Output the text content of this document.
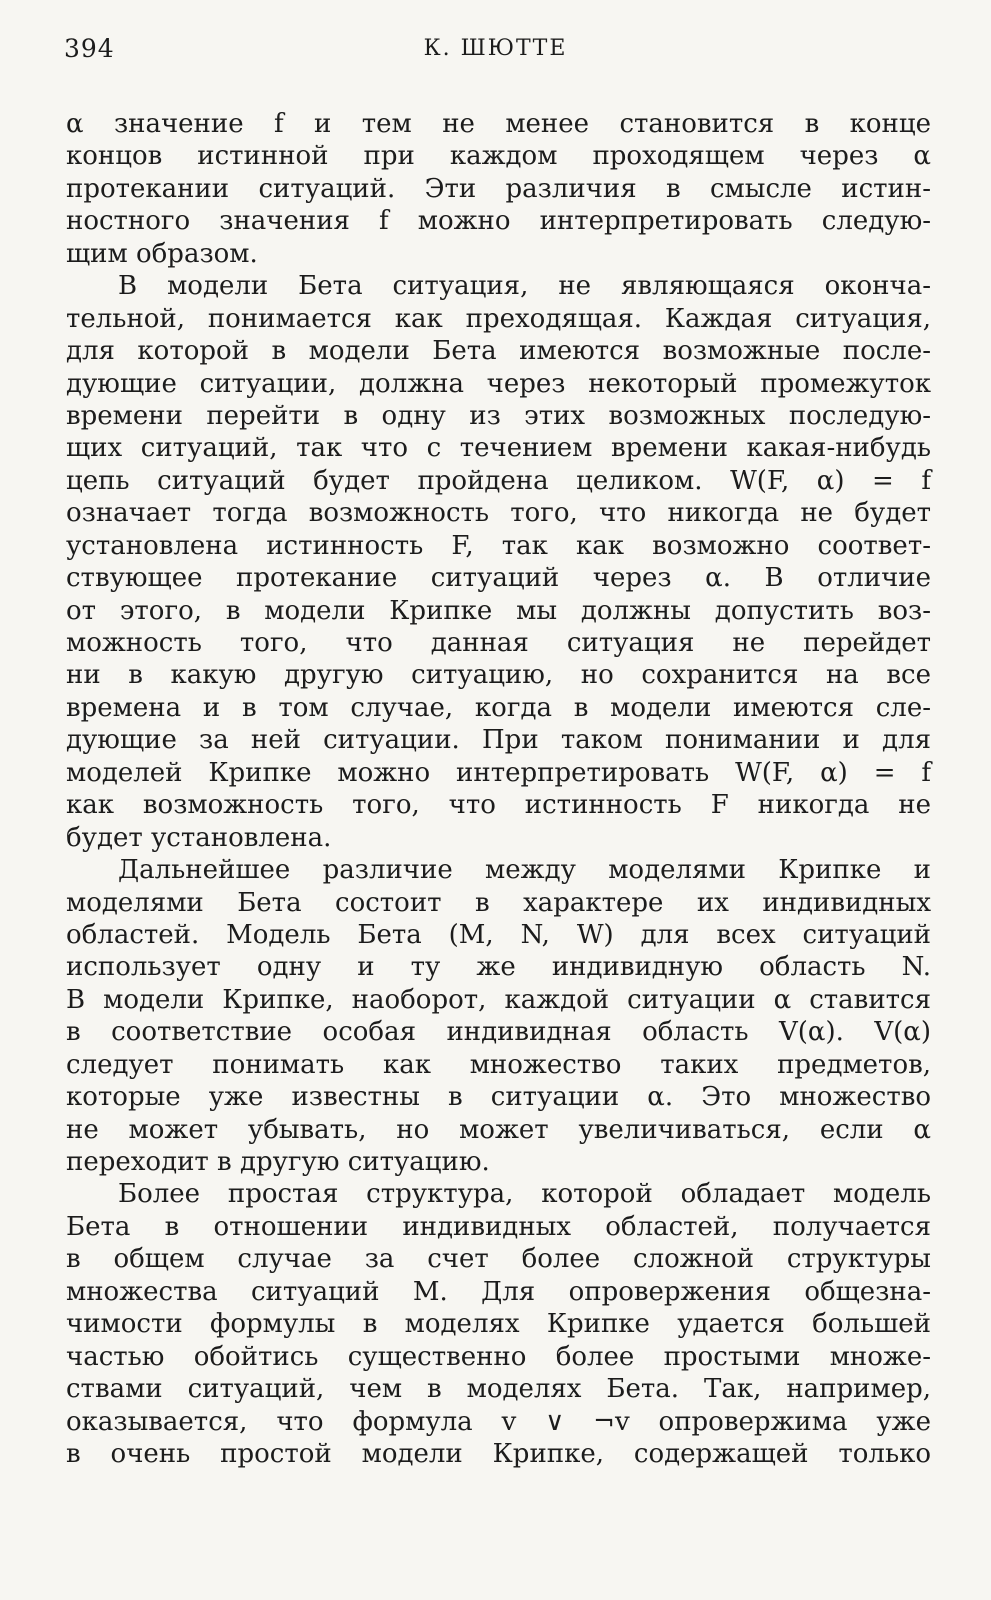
394	К. ШЮТТЕ
α значение f и тем не менее становится в конце
концов истинной при каждом проходящем через α
протекании ситуаций. Эти различия в смысле истин-
ностного значения f можно интерпретировать следую-
щим образом.
В модели Бета ситуация, не являющаяся оконча-
тельной, понимается как преходящая. Каждая ситуация,
для которой в модели Бета имеются возможные после-
дующие ситуации, должна через некоторый промежуток
времени перейти в одну из этих возможных последую-
щих ситуаций, так что с течением времени какая-нибудь
цепь ситуаций будет пройдена целиком. W(F, α) = f
означает тогда возможность того, что никогда не будет
установлена истинность F, так как возможно соответ-
ствующее протекание ситуаций через α. В отличие
от этого, в модели Крипке мы должны допустить воз-
можность того, что данная ситуация не перейдет
ни в какую другую ситуацию, но сохранится на все
времена и в том случае, когда в модели имеются сле-
дующие за ней ситуации. При таком понимании и для
моделей Крипке можно интерпретировать W(F, α) = f
как возможность того, что истинность F никогда не
будет установлена.
Дальнейшее различие между моделями Крипке и
моделями Бета состоит в характере их индивидных
областей. Модель Бета (M, N, W) для всех ситуаций
использует одну и ту же индивидную область N.
В модели Крипке, наоборот, каждой ситуации α ставится
в соответствие особая индивидная область V(α). V(α)
следует понимать как множество таких предметов,
которые уже известны в ситуации α. Это множество
не может убывать, но может увеличиваться, если α
переходит в другую ситуацию.
Более простая структура, которой обладает модель
Бета в отношении индивидных областей, получается
в общем случае за счет более сложной структуры
множества ситуаций M. Для опровержения общезна-
чимости формулы в моделях Крипке удается большей
частью обойтись существенно более простыми множе-
ствами ситуаций, чем в моделях Бета. Так, например,
оказывается, что формула v ∨ ¬v опровержима уже
в очень простой модели Крипке, содержащей только
